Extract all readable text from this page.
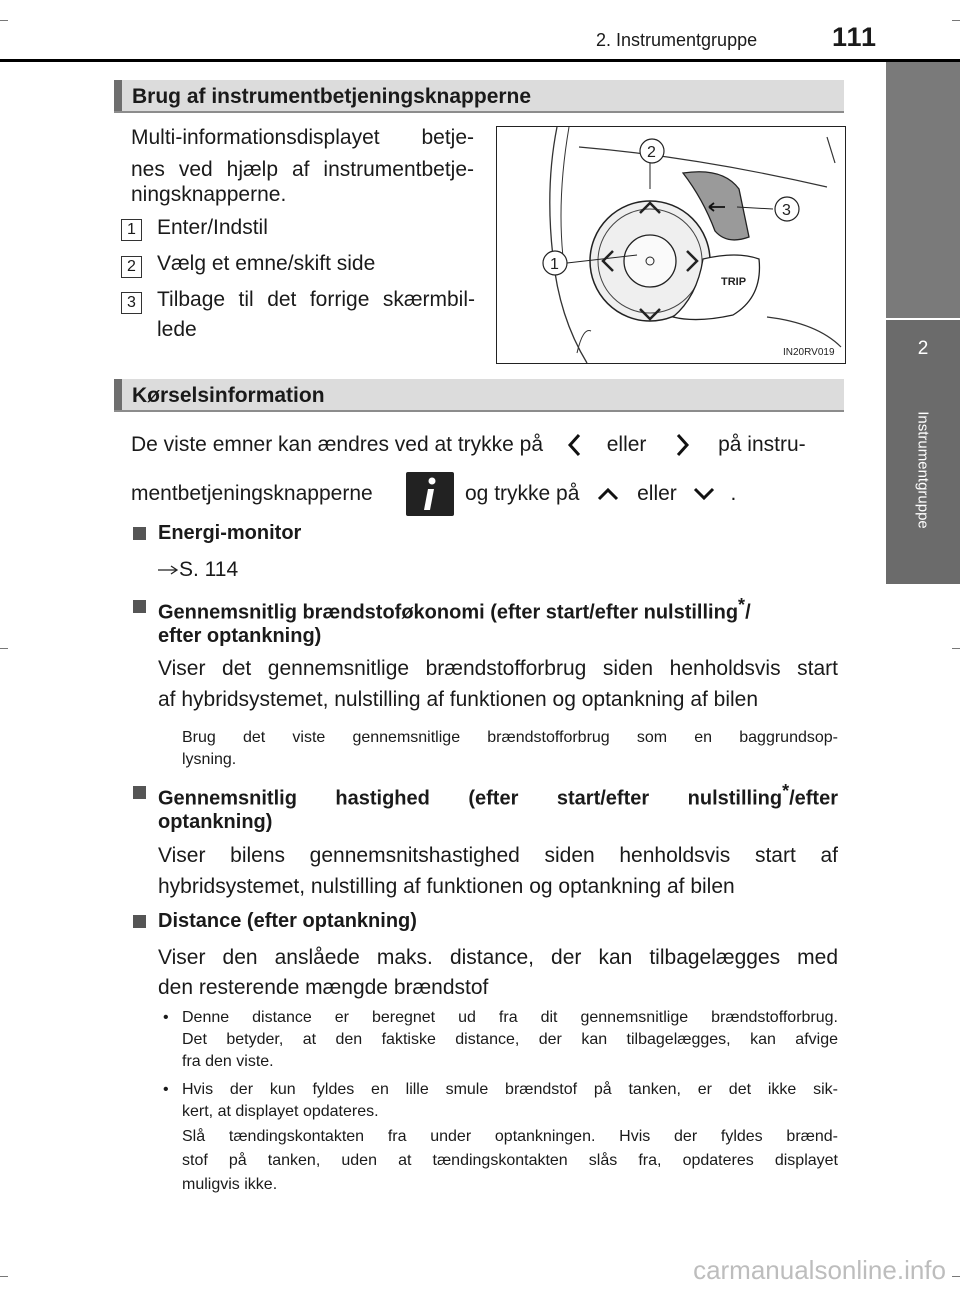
2. Instrumentgruppe	111
2
Instrumentgruppe
Brug af instrumentbetjeningsknapperne
Multi-informationsdisplayet betje-
nes ved hjælp af instrumentbetje-
ningsknapperne.
1 Enter/Indstil
2 Vælg et emne/skift side
3 Tilbage til det forrige skærmbil-
lede
TRIP
2
3
1
IN20RV019
Kørselsinformation
De viste emner kan ændres ved at trykke på	eller	på instru-
mentbetjeningsknapperne	og trykke på	eller	.
Energi-monitor
S. 114
Gennemsnitlig brændstoføkonomi (efter start/efter nulstilling*/
efter optankning)
Viser det gennemsnitlige brændstofforbrug siden henholdsvis start
af hybridsystemet, nulstilling af funktionen og optankning af bilen
Brug det viste gennemsnitlige brændstofforbrug som en baggrundsop-
lysning.
Gennemsnitlig hastighed (efter start/efter nulstilling*/efter
optankning)
Viser bilens gennemsnitshastighed siden henholdsvis start af
hybridsystemet, nulstilling af funktionen og optankning af bilen
Distance (efter optankning)
Viser den anslåede maks. distance, der kan tilbagelægges med
den resterende mængde brændstof
• Denne distance er beregnet ud fra dit gennemsnitlige brændstofforbrug.
Det betyder, at den faktiske distance, der kan tilbagelægges, kan afvige
fra den viste.
• Hvis der kun fyldes en lille smule brændstof på tanken, er det ikke sik-
kert, at displayet opdateres.
Slå tændingskontakten fra under optankningen. Hvis der fyldes brænd-
stof på tanken, uden at tændingskontakten slås fra, opdateres displayet
muligvis ikke.
carmanualsonline.info
